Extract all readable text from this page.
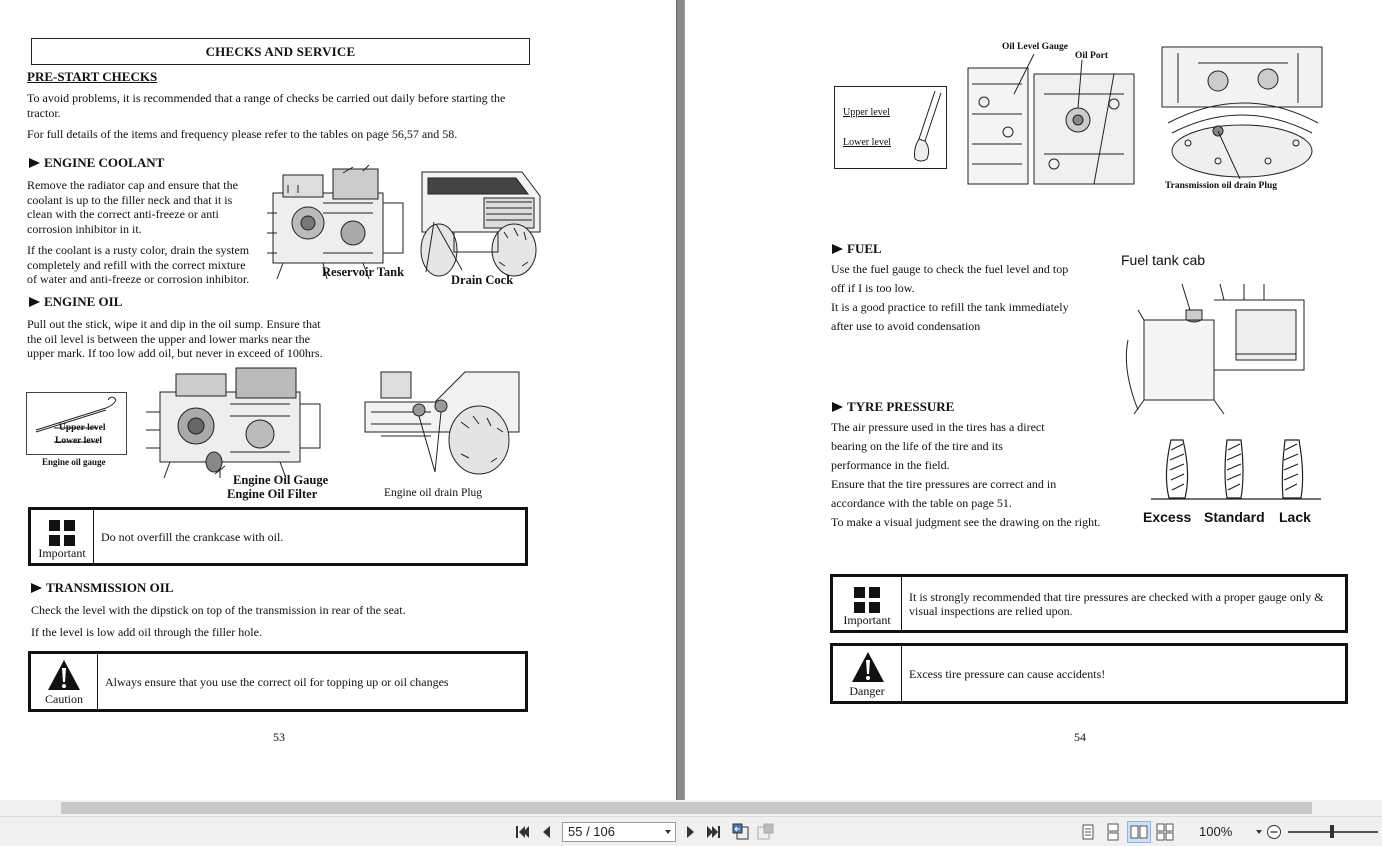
CHECKS AND SERVICE
PRE-START CHECKS
To avoid problems, it is recommended that a range of checks be carried out daily before starting the
tractor.
For full details of the items and frequency please refer to the tables on page 56,57 and 58.
ENGINE COOLANT
Remove the radiator cap and ensure that the
coolant is up to the filler neck and that it is
clean with the correct anti-freeze or anti
corrosion inhibitor in it.
If the coolant is a rusty color, drain the system
completely and refill with the correct mixture
of water and anti-freeze or corrosion inhibitor.	Reservoir Tank
Drain Cock
ENGINE OIL
Pull out the stick, wipe it and dip in the oil sump. Ensure that
the oil level is between the upper and lower marks near the
upper mark. If too low add oil, but never in exceed of 100hrs.
Upper level
Lower level
Engine oil gauge
Engine Oil Gauge
Engine Oil Filter	Engine oil drain Plug
Important
Do not overfill the crankcase with oil.
TRANSMISSION OIL
Check the level with the dipstick on top of the transmission in rear of the seat.
If the level is low add oil through the filler hole.
Caution
Always ensure that you use the correct oil for topping up or oil changes
53
Upper level
Lower level
Oil Level Gauge
Oil Port
Transmission oil drain Plug
FUEL
Use the fuel gauge to check the fuel level and top
off if I is too low.
It is a good practice to refill the tank immediately
after use to avoid condensation
Fuel tank cab
TYRE PRESSURE
The air pressure used in the tires has a direct
bearing on the life of the tire and its
performance in the field.
Ensure that the tire pressures are correct and in
accordance with the table on page 51.
To make a visual judgment see the drawing on the right.	Excess Standard Lack
Important
It is strongly recommended that tire pressures are checked with a proper gauge only &
visual inspections are relied upon.
Danger
Excess tire pressure can cause accidents!
54
55 / 106	100%
